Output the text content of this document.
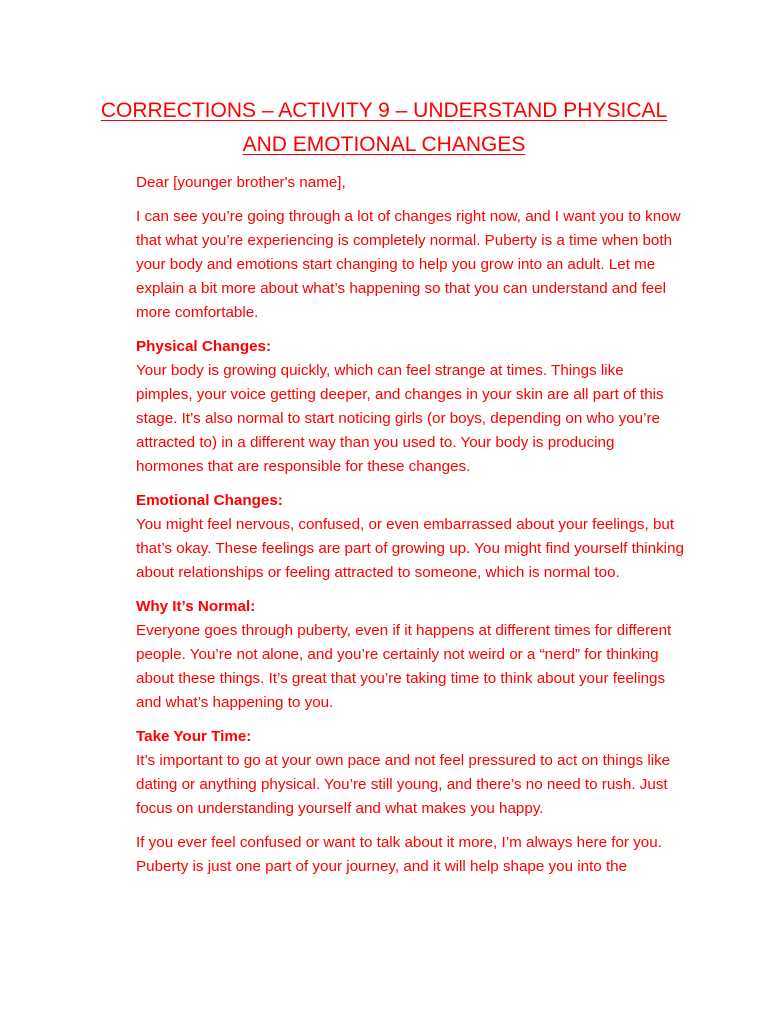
CORRECTIONS – ACTIVITY 9 – UNDERSTAND PHYSICAL
AND EMOTIONAL CHANGES

Dear [younger brother's name],

I can see you’re going through a lot of changes right now, and I want you to know that what you’re experiencing is completely normal. Puberty is a time when both your body and emotions start changing to help you grow into an adult. Let me explain a bit more about what’s happening so that you can understand and feel more comfortable.

Physical Changes:
Your body is growing quickly, which can feel strange at times. Things like pimples, your voice getting deeper, and changes in your skin are all part of this stage. It’s also normal to start noticing girls (or boys, depending on who you’re attracted to) in a different way than you used to. Your body is producing hormones that are responsible for these changes.

Emotional Changes:
You might feel nervous, confused, or even embarrassed about your feelings, but that’s okay. These feelings are part of growing up. You might find yourself thinking about relationships or feeling attracted to someone, which is normal too.

Why It’s Normal:
Everyone goes through puberty, even if it happens at different times for different people. You’re not alone, and you’re certainly not weird or a “nerd” for thinking about these things. It’s great that you’re taking time to think about your feelings and what’s happening to you.

Take Your Time:
It’s important to go at your own pace and not feel pressured to act on things like dating or anything physical. You’re still young, and there’s no need to rush. Just focus on understanding yourself and what makes you happy.

If you ever feel confused or want to talk about it more, I’m always here for you. Puberty is just one part of your journey, and it will help shape you into the
